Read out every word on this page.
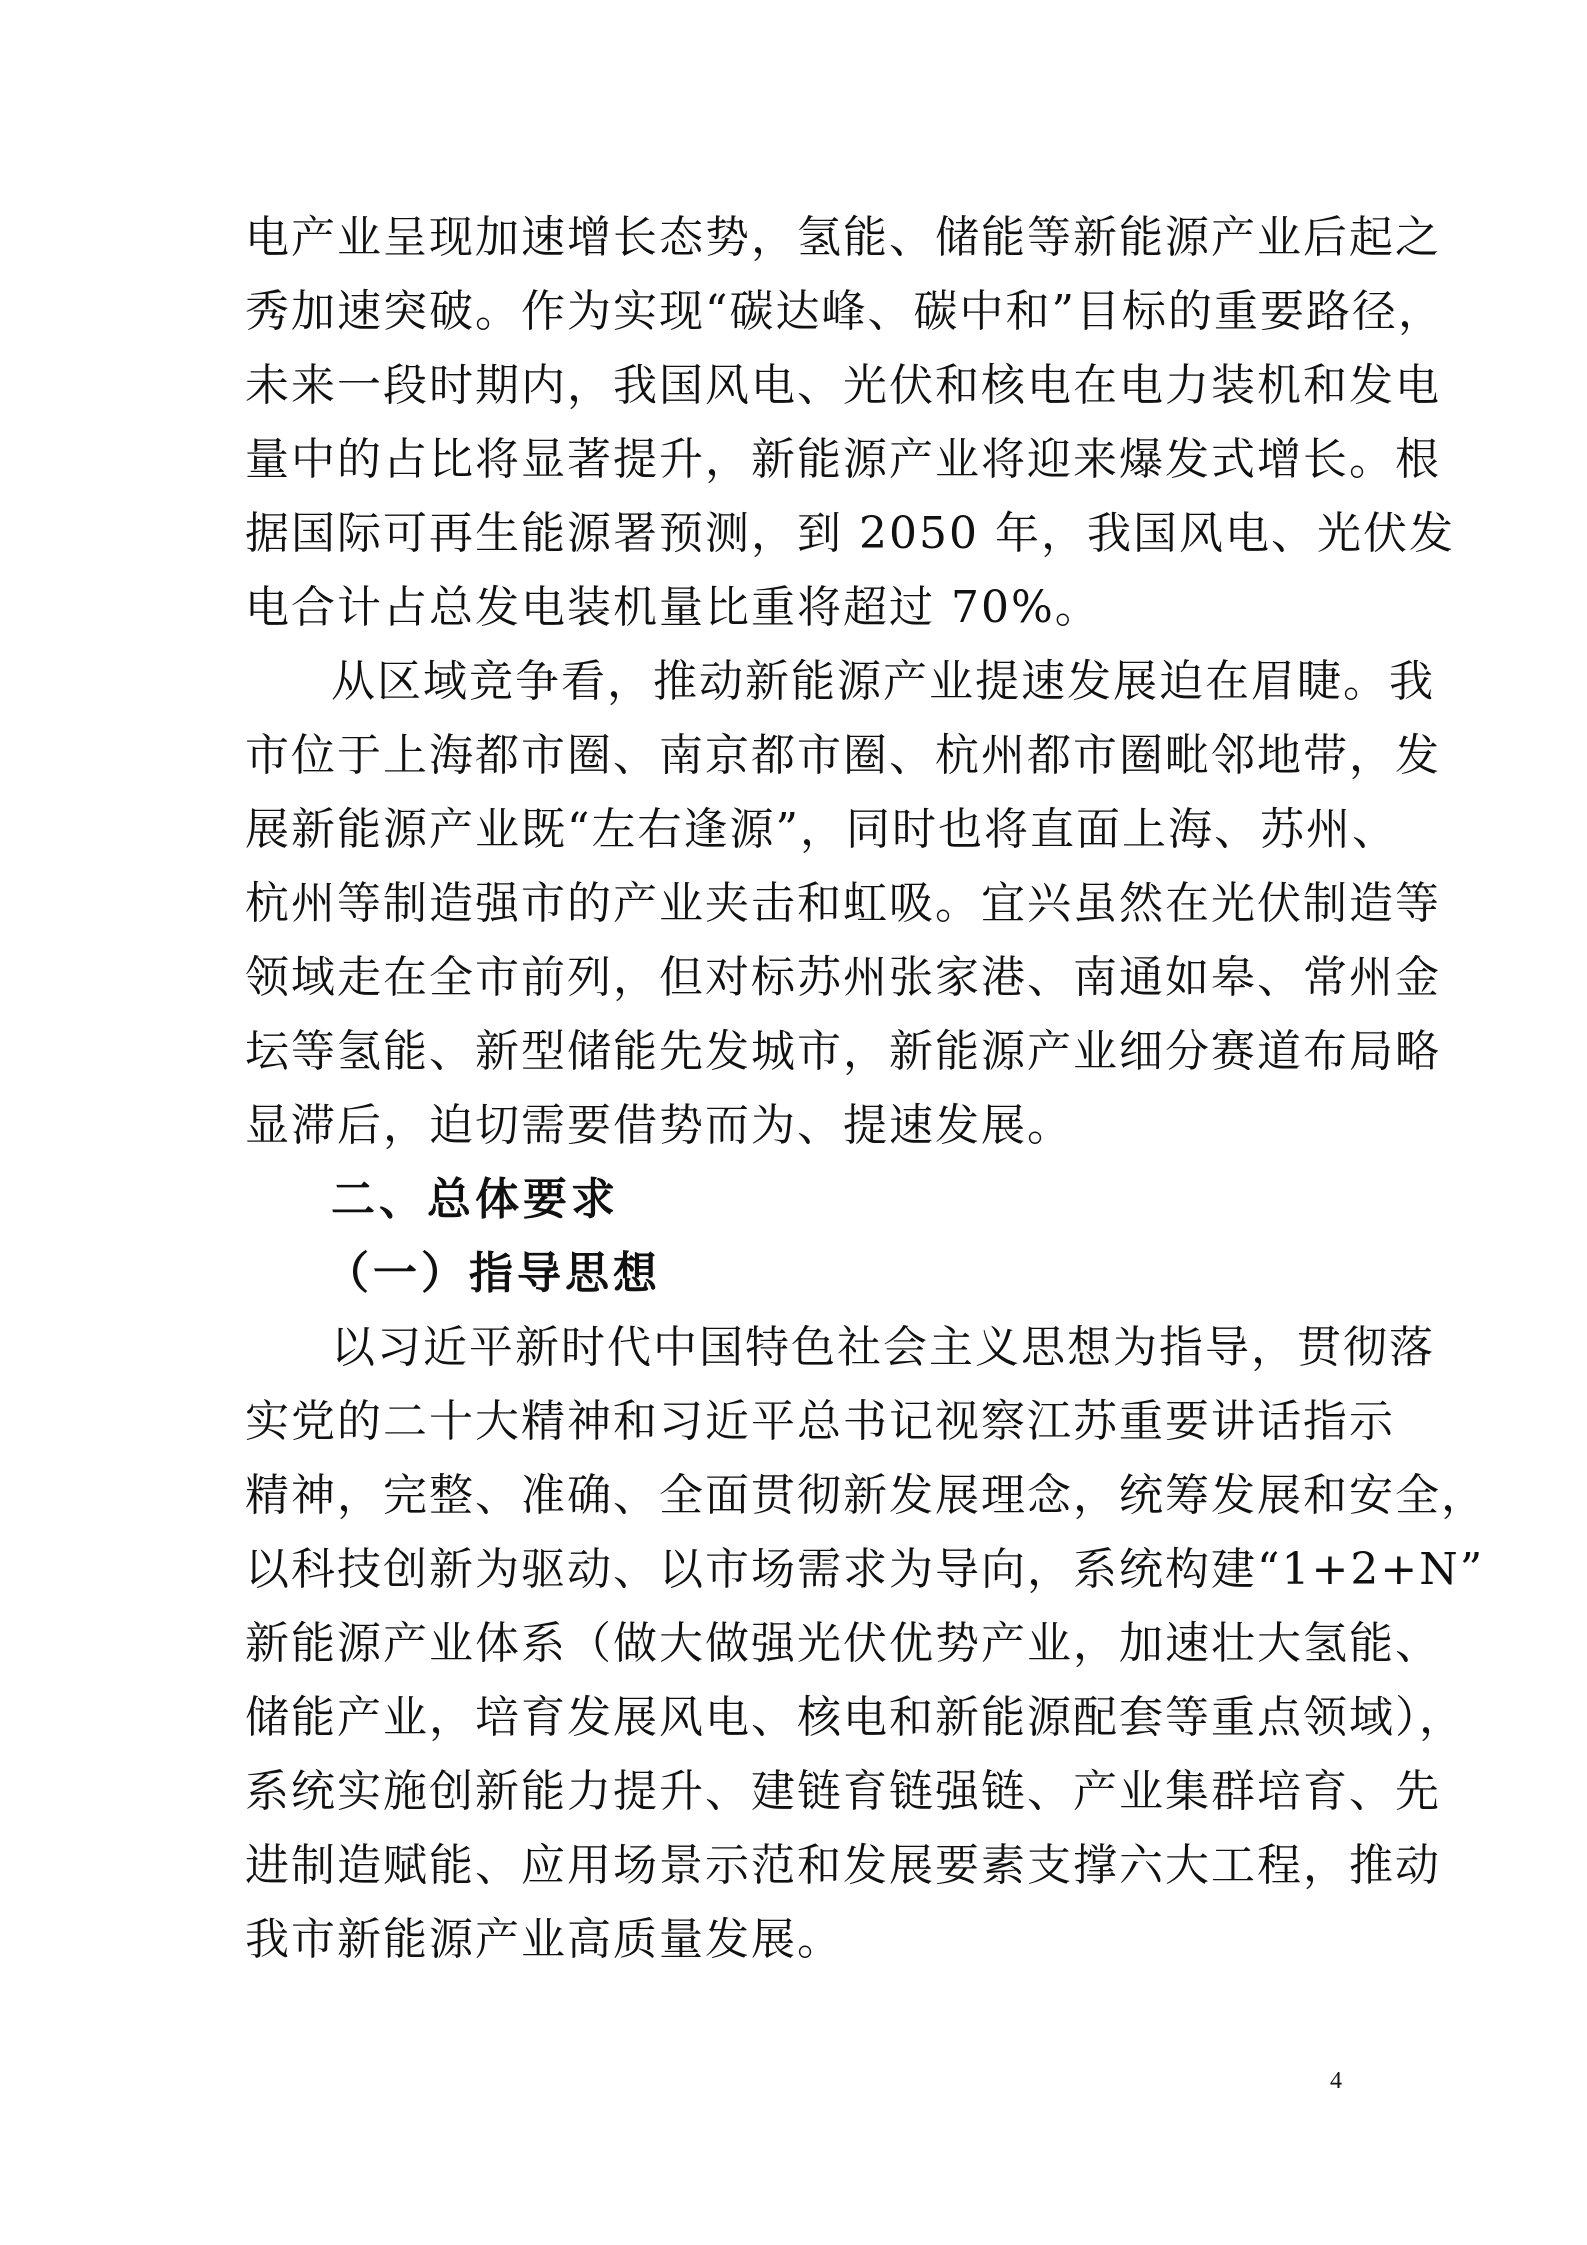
电产业呈现加速增长态势，氢能、储能等新能源产业后起之
秀加速突破。作为实现“碳达峰、碳中和”目标的重要路径，
未来一段时期内，我国风电、光伏和核电在电力装机和发电
量中的占比将显著提升，新能源产业将迎来爆发式增长。根
据国际可再生能源署预测，到 2050 年，我国风电、光伏发
电合计占总发电装机量比重将超过 70%。
从区域竞争看，推动新能源产业提速发展迫在眉睫。我
市位于上海都市圈、南京都市圈、杭州都市圈毗邻地带，发
展新能源产业既“左右逢源”，同时也将直面上海、苏州、
杭州等制造强市的产业夹击和虹吸。宜兴虽然在光伏制造等
领域走在全市前列，但对标苏州张家港、南通如皋、常州金
坛等氢能、新型储能先发城市，新能源产业细分赛道布局略
显滞后，迫切需要借势而为、提速发展。
二、总体要求
（一）指导思想
以习近平新时代中国特色社会主义思想为指导，贯彻落
实党的二十大精神和习近平总书记视察江苏重要讲话指示
精神，完整、准确、全面贯彻新发展理念，统筹发展和安全，
以科技创新为驱动、以市场需求为导向，系统构建“1+2+N”
新能源产业体系（做大做强光伏优势产业，加速壮大氢能、
储能产业，培育发展风电、核电和新能源配套等重点领域），
系统实施创新能力提升、建链育链强链、产业集群培育、先
进制造赋能、应用场景示范和发展要素支撑六大工程，推动
我市新能源产业高质量发展。
4
